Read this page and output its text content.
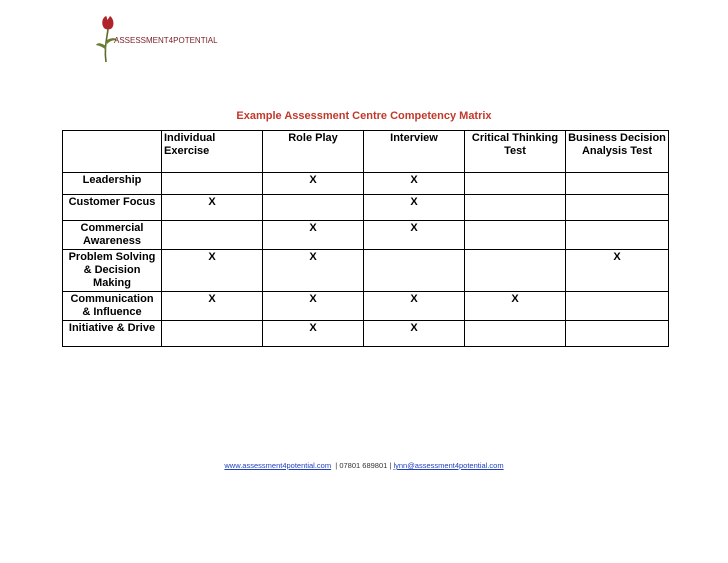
ASSESSMENT4POTENTIAL
Example Assessment Centre Competency Matrix
	Individual Exercise	Role Play	Interview	Critical Thinking Test	Business Decision Analysis Test
Leadership		X	X		
Customer Focus	X		X		
Commercial Awareness		X	X		
Problem Solving & Decision Making	X	X			X
Communication & Influence	X	X	X	X	
Initiative & Drive		X	X		
www.assessment4potential.com | 07801 689801 | lynn@assessment4potential.com
